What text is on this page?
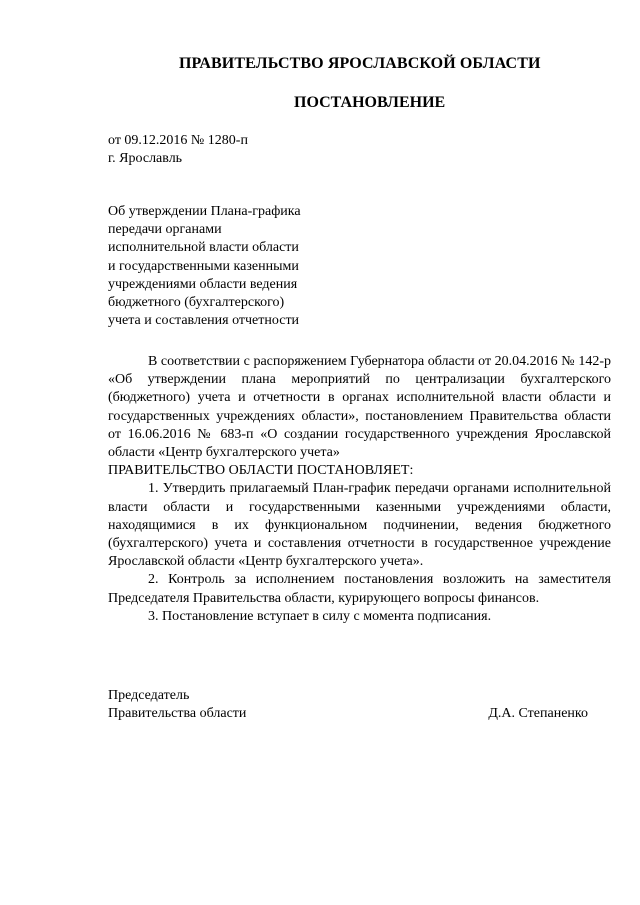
ПРАВИТЕЛЬСТВО ЯРОСЛАВСКОЙ ОБЛАСТИ
ПОСТАНОВЛЕНИЕ
от 09.12.2016 № 1280-п
г. Ярославль
Об утверждении Плана-графика
передачи органами
исполнительной власти области
и государственными казенными
учреждениями области ведения
бюджетного (бухгалтерского)
учета и составления отчетности

В соответствии с распоряжением Губернатора области от 20.04.2016 № 142-р «Об утверждении плана мероприятий по централизации бухгалтерского (бюджетного) учета и отчетности в органах исполнительной власти области и государственных учреждениях области», постановлением Правительства области от 16.06.2016 № 683-п «О создании государственного учреждения Ярославской области «Центр бухгалтерского учета»

ПРАВИТЕЛЬСТВО ОБЛАСТИ ПОСТАНОВЛЯЕТ:

1. Утвердить прилагаемый План-график передачи органами исполнительной власти области и государственными казенными учреждениями области, находящимися в их функциональном подчинении, ведения бюджетного (бухгалтерского) учета и составления отчетности в государственное учреждение Ярославской области «Центр бухгалтерского учета».

2. Контроль за исполнением постановления возложить на заместителя Председателя Правительства области, курирующего вопросы финансов.

3. Постановление вступает в силу с момента подписания.

Председатель
Правительства области	Д.А. Степаненко
